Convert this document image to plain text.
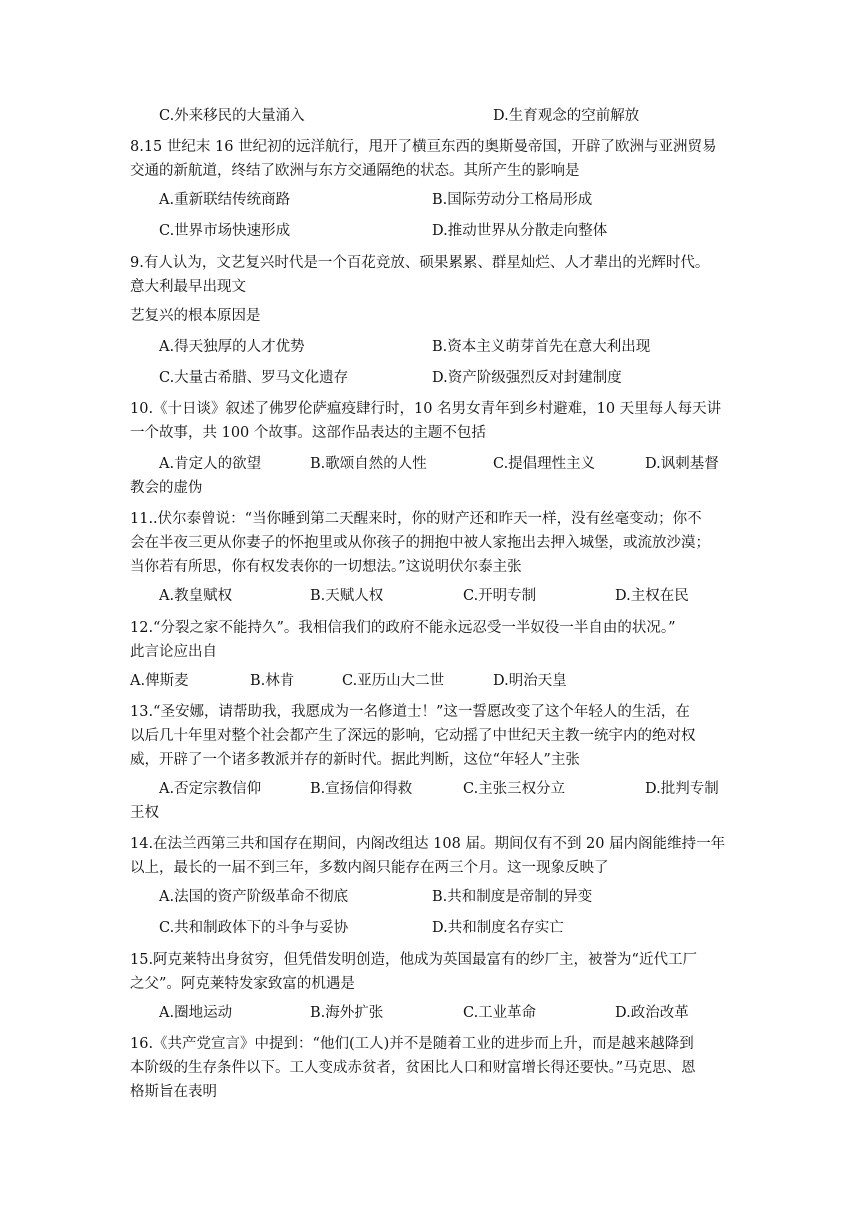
C.外来移民的大量涌入	D.生育观念的空前解放
8.15 世纪末 16 世纪初的远洋航行，甩开了横亘东西的奥斯曼帝国，开辟了欧洲与亚洲贸易
交通的新航道，终结了欧洲与东方交通隔绝的状态。其所产生的影响是
A.重新联结传统商路	B.国际劳动分工格局形成
C.世界市场快速形成	D.推动世界从分散走向整体
9.有人认为，文艺复兴时代是一个百花竞放、硕果累累、群星灿烂、人才辈出的光辉时代。
意大利最早出现文
艺复兴的根本原因是
A.得天独厚的人才优势	B.资本主义萌芽首先在意大利出现
C.大量古希腊、罗马文化遗存	D.资产阶级强烈反对封建制度
10.《十日谈》叙述了佛罗伦萨瘟疫肆行时，10 名男女青年到乡村避难，10 天里每人每天讲
一个故事，共 100 个故事。这部作品表达的主题不包括
A.肯定人的欲望	B.歌颂自然的人性	C.提倡理性主义	D.讽刺基督
教会的虚伪
11..伏尔泰曾说：“当你睡到第二天醒来时，你的财产还和昨天一样，没有丝毫变动；你不
会在半夜三更从你妻子的怀抱里或从你孩子的拥抱中被人家拖出去押入城堡，或流放沙漠；
当你若有所思，你有权发表你的一切想法。”这说明伏尔泰主张
A.教皇赋权	B.天赋人权	C.开明专制	D.主权在民
12.“分裂之家不能持久”。我相信我们的政府不能永远忍受一半奴役一半自由的状况。”
此言论应出自
A.俾斯麦	B.林肯	C.亚历山大二世	D.明治天皇
13.“圣安娜，请帮助我，我愿成为一名修道士！”这一誓愿改变了这个年轻人的生活，在
以后几十年里对整个社会都产生了深远的影响，它动摇了中世纪天主教一统宇内的绝对权
威，开辟了一个诸多教派并存的新时代。据此判断，这位“年轻人”主张
A.否定宗教信仰	B.宣扬信仰得救	C.主张三权分立	D.批判专制
王权
14.在法兰西第三共和国存在期间，内阁改组达 108 届。期间仅有不到 20 届内阁能维持一年
以上，最长的一届不到三年，多数内阁只能存在两三个月。这一现象反映了
A.法国的资产阶级革命不彻底	B.共和制度是帝制的异变
C.共和制政体下的斗争与妥协	D.共和制度名存实亡
15.阿克莱特出身贫穷，但凭借发明创造，他成为英国最富有的纱厂主，被誉为“近代工厂
之父”。阿克莱特发家致富的机遇是
A.圈地运动	B.海外扩张	C.工业革命	D.政治改革
16.《共产党宣言》中提到：“他们(工人)并不是随着工业的进步而上升，而是越来越降到
本阶级的生存条件以下。工人变成赤贫者，贫困比人口和财富增长得还要快。”马克思、恩
格斯旨在表明
